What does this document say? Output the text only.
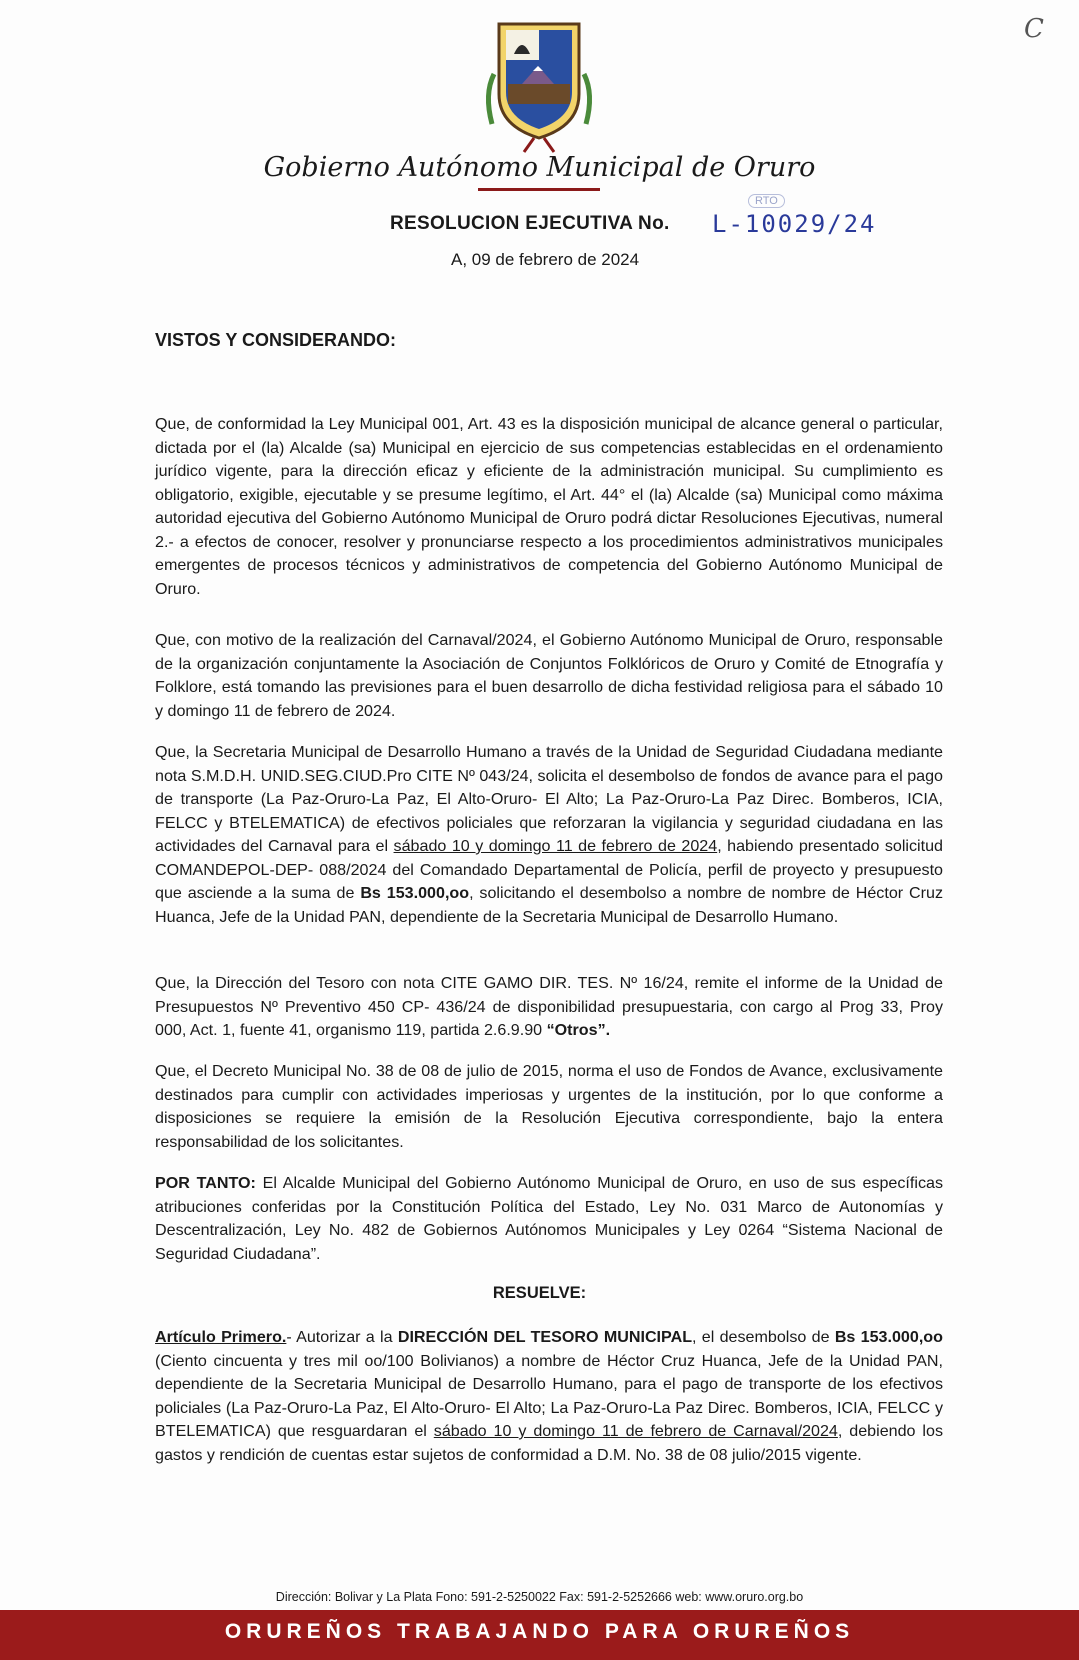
C
Gobierno Autónomo Municipal de Oruro
RESOLUCION EJECUTIVA No.
RTO
L-10029/24
A, 09 de febrero de 2024
VISTOS Y CONSIDERANDO:
Que, de conformidad la Ley Municipal 001, Art. 43 es la disposición municipal de alcance general o particular, dictada por el (la) Alcalde (sa) Municipal en ejercicio de sus competencias establecidas en el ordenamiento jurídico vigente, para la dirección eficaz y eficiente de la administración municipal. Su cumplimiento es obligatorio, exigible, ejecutable y se presume legítimo, el Art. 44° el (la) Alcalde (sa) Municipal como máxima autoridad ejecutiva del Gobierno Autónomo Municipal de Oruro podrá dictar Resoluciones Ejecutivas, numeral 2.- a efectos de conocer, resolver y pronunciarse respecto a los procedimientos administrativos municipales emergentes de procesos técnicos y administrativos de competencia del Gobierno Autónomo Municipal de Oruro.
Que, con motivo de la realización del Carnaval/2024, el Gobierno Autónomo Municipal de Oruro, responsable de la organización conjuntamente la Asociación de Conjuntos Folklóricos de Oruro y Comité de Etnografía y Folklore, está tomando las previsiones para el buen desarrollo de dicha festividad religiosa para el sábado 10 y domingo 11 de febrero de 2024.
Que, la Secretaria Municipal de Desarrollo Humano a través de la Unidad de Seguridad Ciudadana mediante nota S.M.D.H. UNID.SEG.CIUD.Pro CITE Nº 043/24, solicita el desembolso de fondos de avance para el pago de transporte (La Paz-Oruro-La Paz, El Alto-Oruro- El Alto; La Paz-Oruro-La Paz Direc. Bomberos, ICIA, FELCC y BTELEMATICA) de efectivos policiales que reforzaran la vigilancia y seguridad ciudadana en las actividades del Carnaval para el sábado 10 y domingo 11 de febrero de 2024, habiendo presentado solicitud COMANDEPOL-DEP- 088/2024 del Comandado Departamental de Policía, perfil de proyecto y presupuesto que asciende a la suma de Bs 153.000,oo, solicitando el desembolso a nombre de nombre de Héctor Cruz Huanca, Jefe de la Unidad PAN, dependiente de la Secretaria Municipal de Desarrollo Humano.
Que, la Dirección del Tesoro con nota CITE GAMO DIR. TES. Nº 16/24, remite el informe de la Unidad de Presupuestos Nº Preventivo 450 CP- 436/24 de disponibilidad presupuestaria, con cargo al Prog 33, Proy 000, Act. 1, fuente 41, organismo 119, partida 2.6.9.90 “Otros”.
Que, el Decreto Municipal No. 38 de 08 de julio de 2015, norma el uso de Fondos de Avance, exclusivamente destinados para cumplir con actividades imperiosas y urgentes de la institución, por lo que conforme a disposiciones se requiere la emisión de la Resolución Ejecutiva correspondiente, bajo la entera responsabilidad de los solicitantes.
POR TANTO: El Alcalde Municipal del Gobierno Autónomo Municipal de Oruro, en uso de sus específicas atribuciones conferidas por la Constitución Política del Estado, Ley No. 031 Marco de Autonomías y Descentralización, Ley No. 482 de Gobiernos Autónomos Municipales y Ley 0264 “Sistema Nacional de Seguridad Ciudadana”.
RESUELVE:
Artículo Primero.- Autorizar a la DIRECCIÓN DEL TESORO MUNICIPAL, el desembolso de Bs 153.000,oo (Ciento cincuenta y tres mil oo/100 Bolivianos) a nombre de Héctor Cruz Huanca, Jefe de la Unidad PAN, dependiente de la Secretaria Municipal de Desarrollo Humano, para el pago de transporte de los efectivos policiales (La Paz-Oruro-La Paz, El Alto-Oruro- El Alto; La Paz-Oruro-La Paz Direc. Bomberos, ICIA, FELCC y BTELEMATICA) que resguardaran el sábado 10 y domingo 11 de febrero de Carnaval/2024, debiendo los gastos y rendición de cuentas estar sujetos de conformidad a D.M. No. 38 de 08 julio/2015 vigente.
Dirección: Bolivar y La Plata Fono: 591-2-5250022 Fax: 591-2-5252666 web: www.oruro.org.bo
ORUREÑOS TRABAJANDO PARA ORUREÑOS
